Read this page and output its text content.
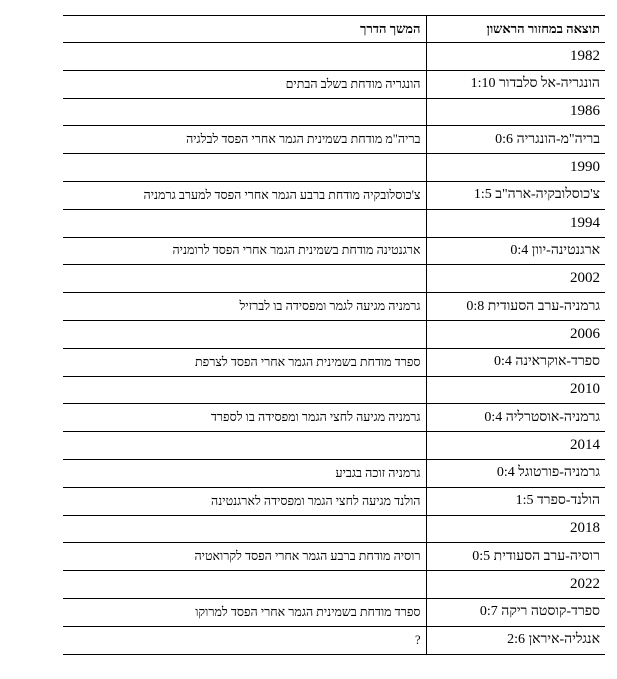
תוצאה במחזור הראשון	המשך הדרך
1982	
הונגריה-אל סלבדור 1:10	הונגריה מודחת בשלב הבתים
1986	
בריה"מ-הונגריה 0:6	בריה"מ מודחת בשמינית הגמר אחרי הפסד לבלגיה
1990	
צ'כוסלובקיה-ארה"ב 1:5	צ'כוסלובקיה מודחת ברבע הגמר אחרי הפסד למערב גרמניה
1994	
ארגנטינה-יוון 0:4	ארגנטינה מודחת בשמינית הגמר אחרי הפסד לרומניה
2002	
גרמניה-ערב הסעודית 0:8	גרמניה מגיעה לגמר ומפסידה בו לברזיל
2006	
ספרד-אוקראינה 0:4	ספרד מודחת בשמינית הגמר אחרי הפסד לצרפת
2010	
גרמניה-אוסטרליה 0:4	גרמניה מגיעה לחצי הגמר ומפסידה בו לספרד
2014	
גרמניה-פורטוגל 0:4	גרמניה זוכה בגביע
הולנד-ספרד 1:5	הולנד מגיעה לחצי הגמר ומפסידה לארגנטינה
2018	
רוסיה-ערב הסעודית 0:5	רוסיה מודחת ברבע הגמר אחרי הפסד לקרואטיה
2022	
ספרד-קוסטה ריקה 0:7	ספרד מודחת בשמינית הגמר אחרי הפסד למרוקו
אנגליה-איראן 2:6	?
